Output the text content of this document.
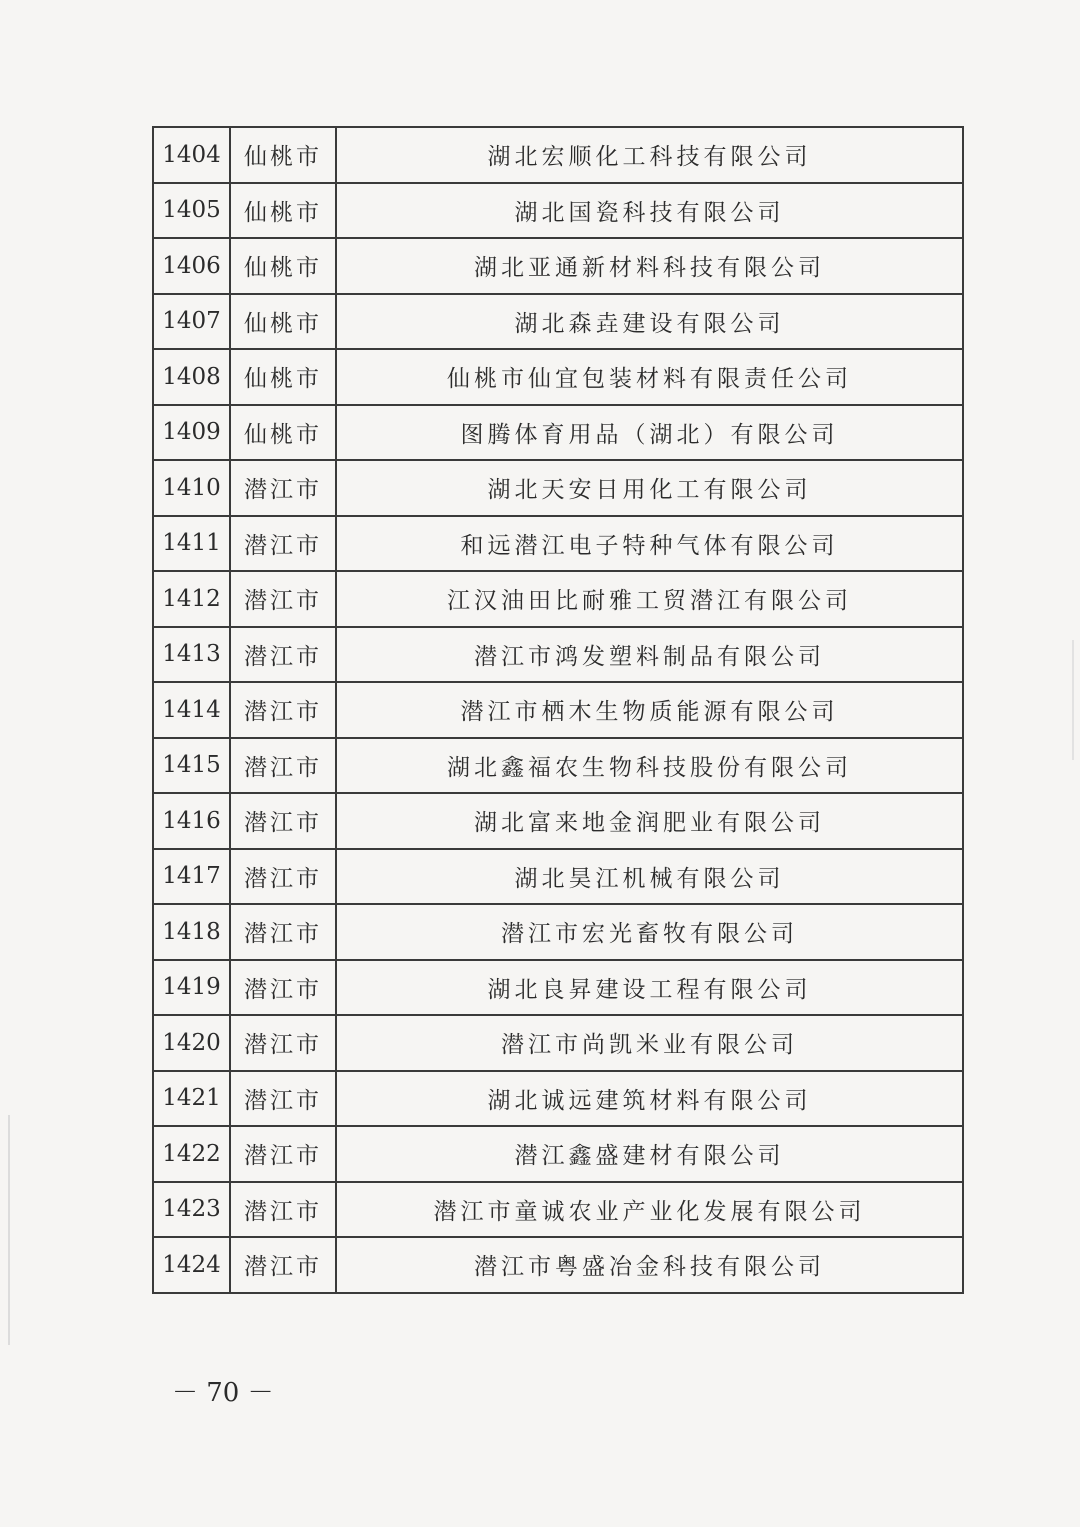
1404	仙桃市	湖北宏顺化工科技有限公司
1405	仙桃市	湖北国瓷科技有限公司
1406	仙桃市	湖北亚通新材料科技有限公司
1407	仙桃市	湖北森垚建设有限公司
1408	仙桃市	仙桃市仙宜包装材料有限责任公司
1409	仙桃市	图腾体育用品（湖北）有限公司
1410	潜江市	湖北天安日用化工有限公司
1411	潜江市	和远潜江电子特种气体有限公司
1412	潜江市	江汉油田比耐雅工贸潜江有限公司
1413	潜江市	潜江市鸿发塑料制品有限公司
1414	潜江市	潜江市栖木生物质能源有限公司
1415	潜江市	湖北鑫福农生物科技股份有限公司
1416	潜江市	湖北富来地金润肥业有限公司
1417	潜江市	湖北昊江机械有限公司
1418	潜江市	潜江市宏光畜牧有限公司
1419	潜江市	湖北良昇建设工程有限公司
1420	潜江市	潜江市尚凯米业有限公司
1421	潜江市	湖北诚远建筑材料有限公司
1422	潜江市	潜江鑫盛建材有限公司
1423	潜江市	潜江市童诚农业产业化发展有限公司
1424	潜江市	潜江市粤盛冶金科技有限公司
－ 70 －
